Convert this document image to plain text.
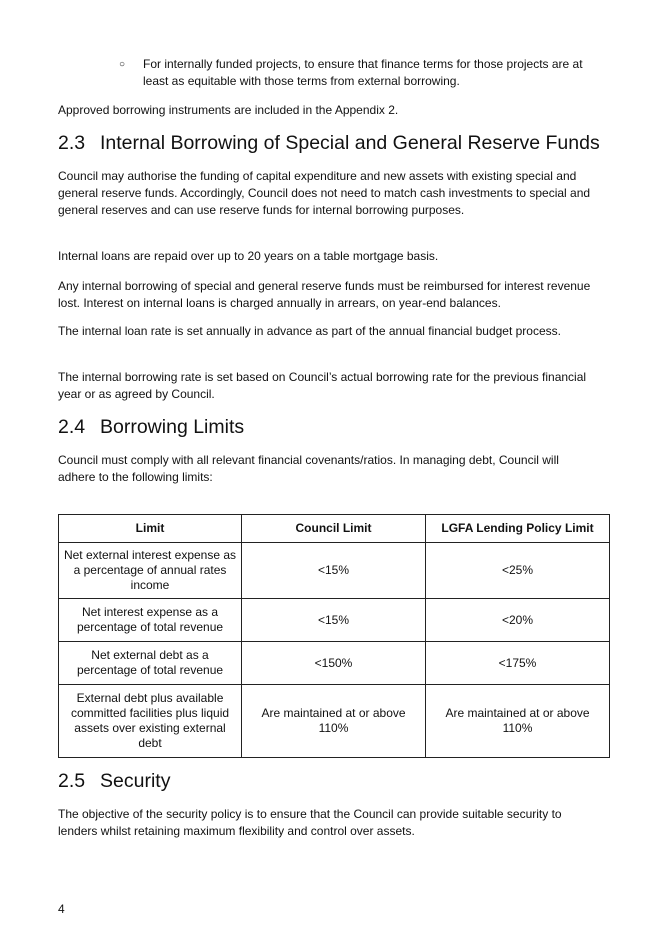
○ For internally funded projects, to ensure that finance terms for those projects are at least as equitable with those terms from external borrowing.
Approved borrowing instruments are included in the Appendix 2.
2.3 Internal Borrowing of Special and General Reserve Funds
Council may authorise the funding of capital expenditure and new assets with existing special and general reserve funds. Accordingly, Council does not need to match cash investments to special and general reserves and can use reserve funds for internal borrowing purposes.
Internal loans are repaid over up to 20 years on a table mortgage basis.
Any internal borrowing of special and general reserve funds must be reimbursed for interest revenue lost. Interest on internal loans is charged annually in arrears, on year-end balances.
The internal loan rate is set annually in advance as part of the annual financial budget process.
The internal borrowing rate is set based on Council’s actual borrowing rate for the previous financial year or as agreed by Council.
2.4 Borrowing Limits
Council must comply with all relevant financial covenants/ratios. In managing debt, Council will adhere to the following limits:
Limit	Council Limit	LGFA Lending Policy Limit
Net external interest expense as a percentage of annual rates income	<15%	<25%
Net interest expense as a percentage of total revenue	<15%	<20%
Net external debt as a percentage of total revenue	<150%	<175%
External debt plus available committed facilities plus liquid assets over existing external debt	Are maintained at or above 110%	Are maintained at or above 110%
2.5 Security
The objective of the security policy is to ensure that the Council can provide suitable security to lenders whilst retaining maximum flexibility and control over assets.
4
